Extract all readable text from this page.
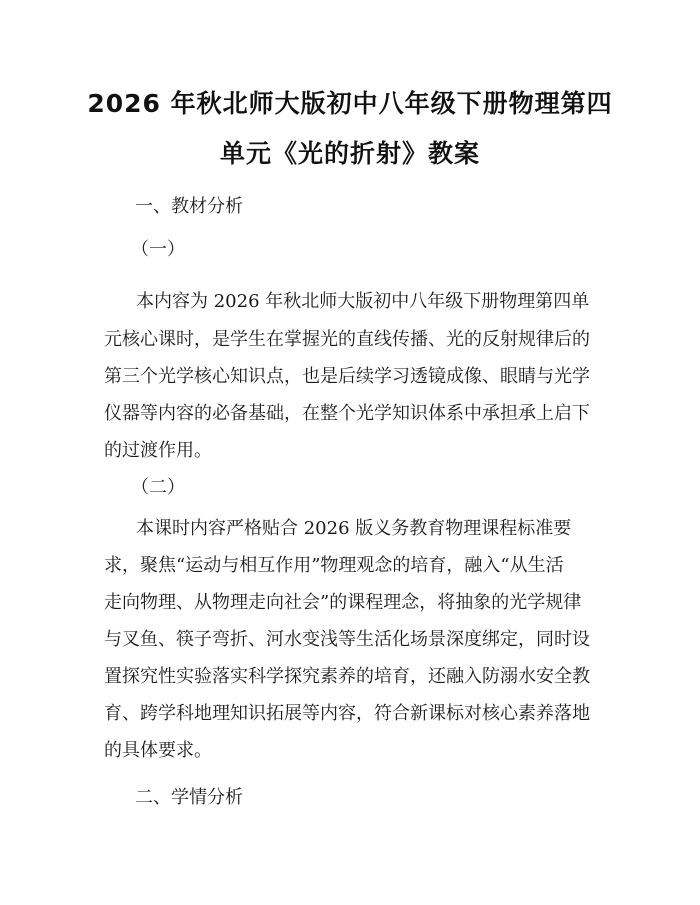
2026 年秋北师大版初中八年级下册物理第四
单元《光的折射》教案
一、教材分析
（一）
本内容为 2026 年秋北师大版初中八年级下册物理第四单
元核心课时，是学生在掌握光的直线传播、光的反射规律后的
第三个光学核心知识点，也是后续学习透镜成像、眼睛与光学
仪器等内容的必备基础，在整个光学知识体系中承担承上启下
的过渡作用。
（二）
本课时内容严格贴合 2026 版义务教育物理课程标准要
求，聚焦“运动与相互作用”物理观念的培育，融入“从生活
走向物理、从物理走向社会”的课程理念，将抽象的光学规律
与叉鱼、筷子弯折、河水变浅等生活化场景深度绑定，同时设
置探究性实验落实科学探究素养的培育，还融入防溺水安全教
育、跨学科地理知识拓展等内容，符合新课标对核心素养落地
的具体要求。
二、学情分析
